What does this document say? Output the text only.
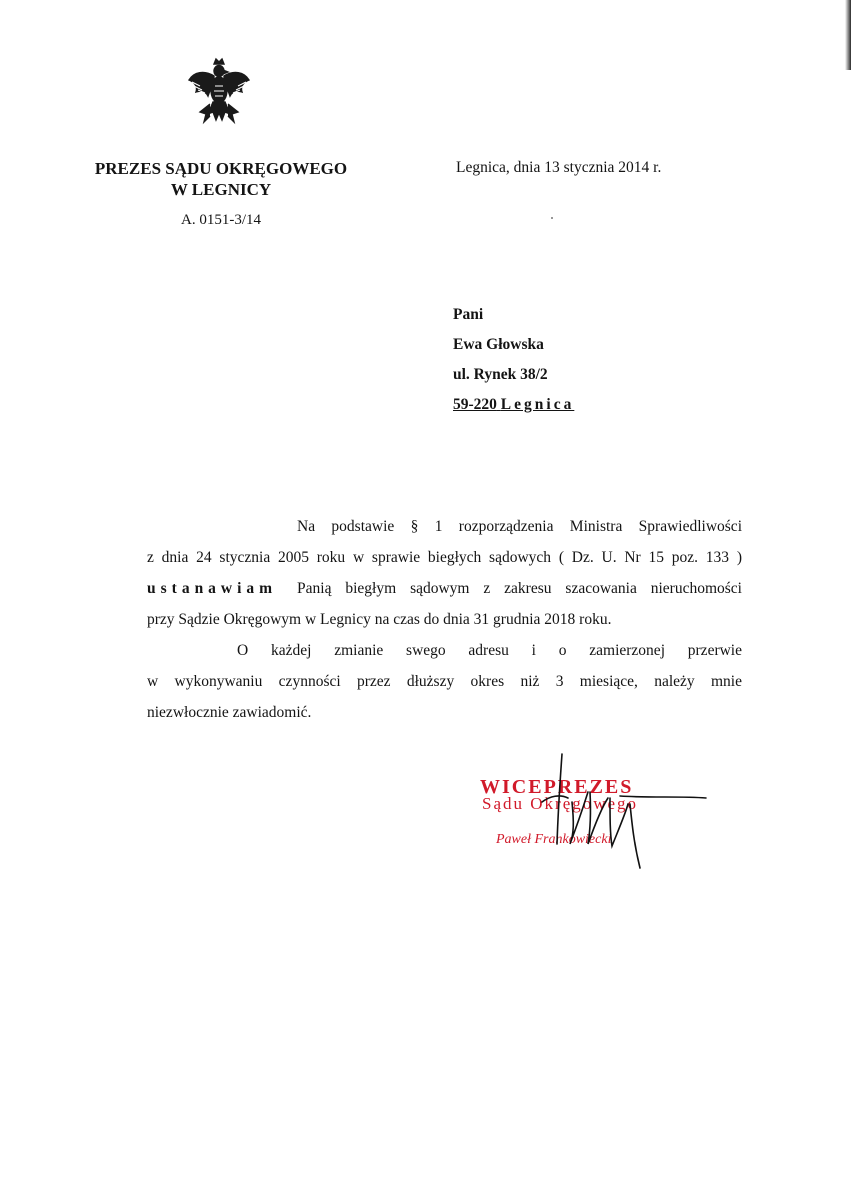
PREZES SĄDU OKRĘGOWEGO
W LEGNICY
A. 0151-3/14
Legnica, dnia 13 stycznia 2014 r.
Pani
Ewa Głowska
ul. Rynek 38/2
59-220 Legnica
Na podstawie § 1 rozporządzenia Ministra Sprawiedliwości
z dnia 24 stycznia 2005 roku w sprawie biegłych sądowych ( Dz. U. Nr 15 poz. 133 )
ustanawiam Panią biegłym sądowym z zakresu szacowania nieruchomości
przy Sądzie Okręgowym w Legnicy na czas do dnia 31 grudnia 2018 roku.
O każdej zmianie swego adresu i o zamierzonej przerwie
w wykonywaniu czynności przez dłuższy okres niż 3 miesiące, należy mnie
niezwłocznie zawiadomić.
WICEPREZES
Sądu Okręgowego
Paweł Frankowiecki
